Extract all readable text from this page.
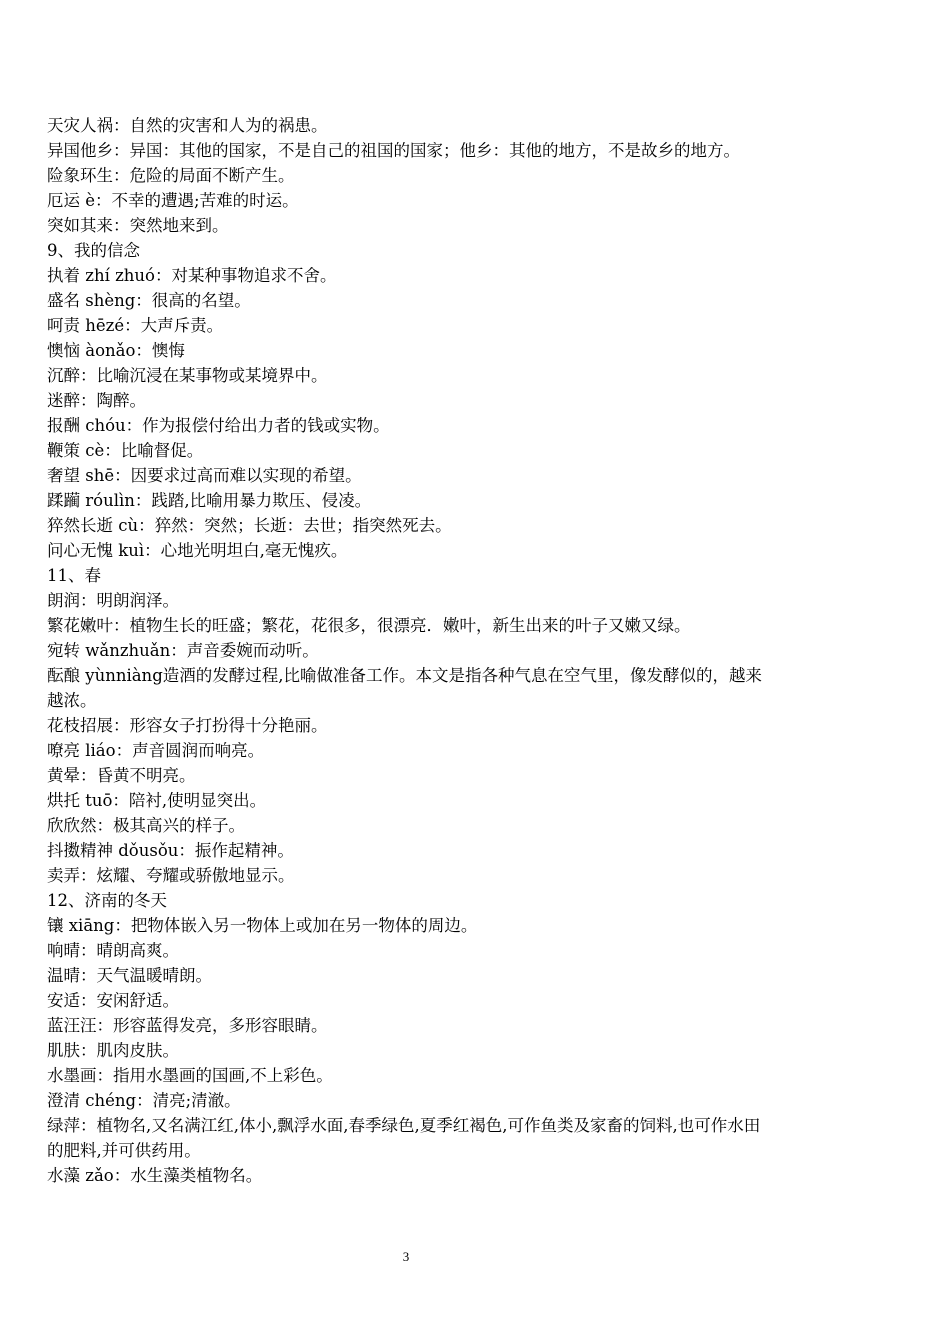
天灾人祸：自然的灾害和人为的祸患。
异国他乡：异国：其他的国家，不是自己的祖国的国家；他乡：其他的地方，不是故乡的地方。
险象环生：危险的局面不断产生。
厄运 è：不幸的遭遇;苦难的时运。
突如其来：突然地来到。
9、我的信念
执着 zhí zhuó：对某种事物追求不舍。
盛名 shèng：很高的名望。
呵责 hēzé：大声斥责。
懊恼 àonǎo：懊悔
沉醉：比喻沉浸在某事物或某境界中。
迷醉：陶醉。
报酬 chóu：作为报偿付给出力者的钱或实物。
鞭策 cè：比喻督促。
奢望 shē：因要求过高而难以实现的希望。
蹂躏 róulìn：践踏,比喻用暴力欺压、侵凌。
猝然长逝 cù：猝然：突然；长逝：去世；指突然死去。
问心无愧 kuì：心地光明坦白,毫无愧疚。
11、春
朗润：明朗润泽。
繁花嫩叶：植物生长的旺盛；繁花，花很多，很漂亮．嫩叶，新生出来的叶子又嫩又绿。
宛转 wǎnzhuǎn：声音委婉而动听。
酝酿 yùnniàng造酒的发酵过程,比喻做准备工作。本文是指各种气息在空气里，像发酵似的，越来越浓。
花枝招展：形容女子打扮得十分艳丽。
嘹亮 liáo：声音圆润而响亮。
黄晕：昏黄不明亮。
烘托 tuō：陪衬,使明显突出。
欣欣然：极其高兴的样子。
抖擞精神 dǒusǒu：振作起精神。
卖弄：炫耀、夸耀或骄傲地显示。
12、济南的冬天
镶 xiāng：把物体嵌入另一物体上或加在另一物体的周边。
响晴：晴朗高爽。
温晴：天气温暖晴朗。
安适：安闲舒适。
蓝汪汪：形容蓝得发亮，多形容眼睛。
肌肤：肌肉皮肤。
水墨画：指用水墨画的国画,不上彩色。
澄清 chéng：清亮;清澈。
绿萍：植物名,又名满江红,体小,飘浮水面,春季绿色,夏季红褐色,可作鱼类及家畜的饲料,也可作水田的肥料,并可供药用。
水藻 zǎo：水生藻类植物名。
3
